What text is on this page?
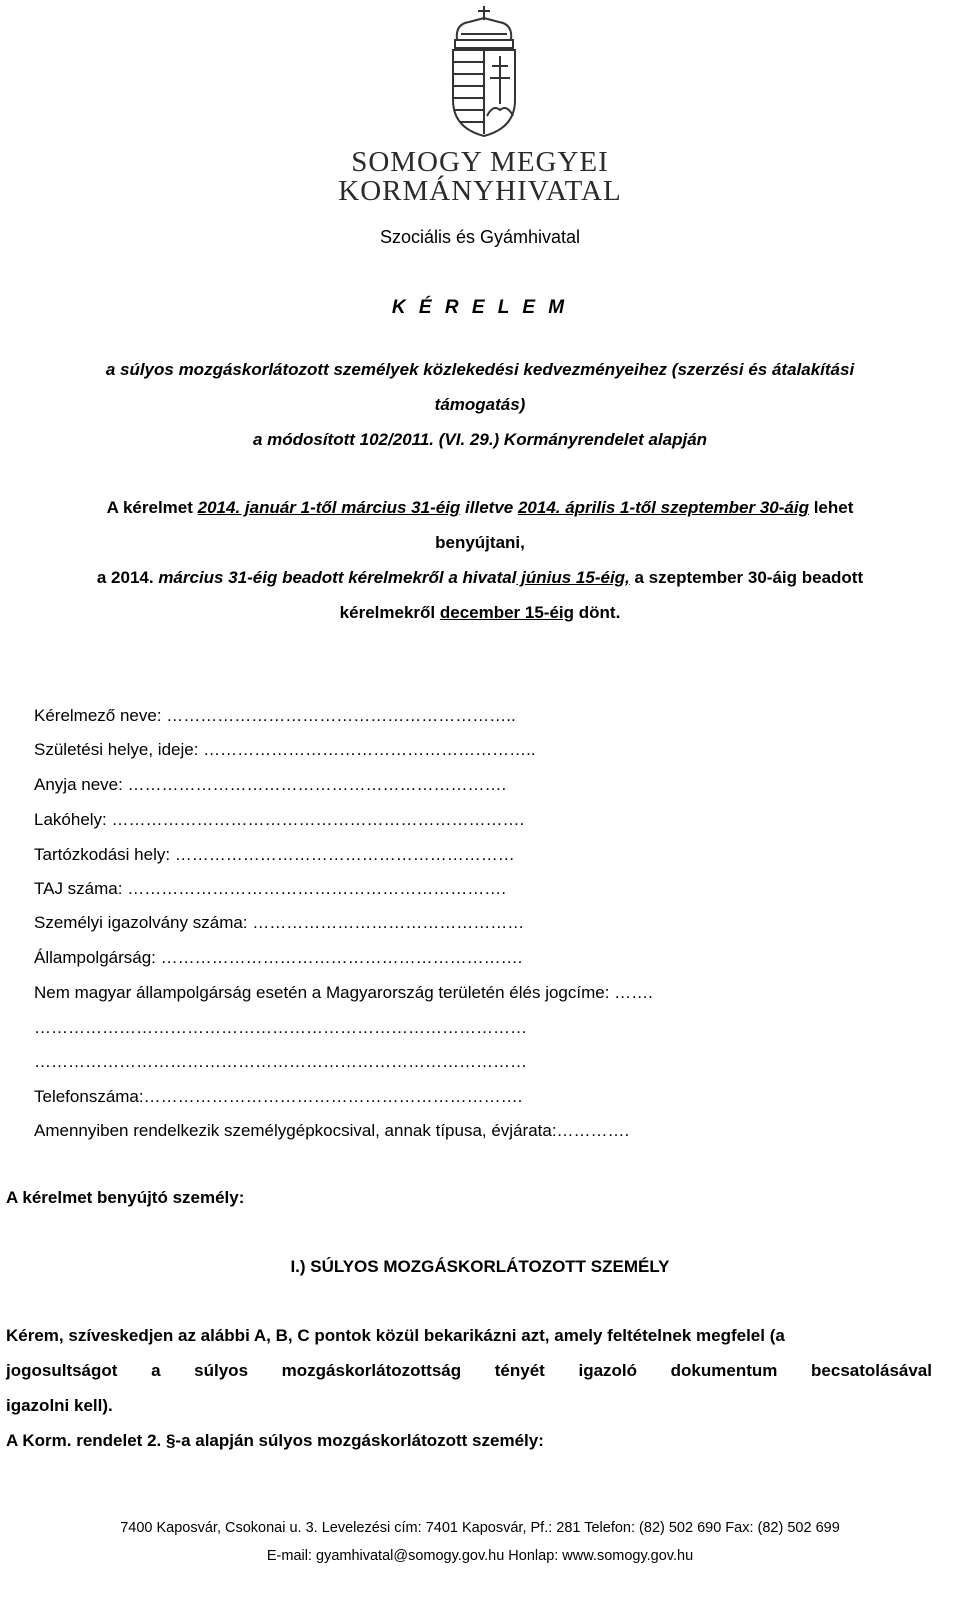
SOMOGY MEGYEI
KORMÁNYHIVATAL
Szociális és Gyámhivatal
K É R E L E M
a súlyos mozgáskorlátozott személyek közlekedési kedvezményeihez (szerzési és átalakítási
támogatás)
a módosított 102/2011. (VI. 29.) Kormányrendelet alapján
A kérelmet 2014. január 1-től március 31-éig illetve 2014. április 1-től szeptember 30-áig lehet
benyújtani,
a 2014. március 31-éig beadott kérelmekről a hivatal június 15-éig, a szeptember 30-áig beadott
kérelmekről december 15-éig dönt.
Kérelmező neve: ……………………………………………………..
Születési helye, ideje: …………………………………………………..
Anyja neve: ………………………………………………………….
Lakóhely: ……………………………………………………………….
Tartózkodási hely: ……………………………………………………
TAJ száma: ………………………………………………………….
Személyi igazolvány száma: …………………………………………
Állampolgárság: ……………………………………………………….
Nem magyar állampolgárság esetén a Magyarország területén élés jogcíme: …….
……………………………………………………………………………
……………………………………………………………………………
Telefonszáma:………………………………………………………….
Amennyiben rendelkezik személygépkocsival, annak típusa, évjárata:………….
A kérelmet benyújtó személy:
I.) SÚLYOS MOZGÁSKORLÁTOZOTT SZEMÉLY
Kérem, szíveskedjen az alábbi A, B, C pontok közül bekarikázni azt, amely feltételnek megfelel (a
jogosultságot a súlyos mozgáskorlátozottság tényét igazoló dokumentum becsatolásával
igazolni kell).
A Korm. rendelet 2. §-a alapján súlyos mozgáskorlátozott személy:
7400 Kaposvár, Csokonai u. 3. Levelezési cím: 7401 Kaposvár, Pf.: 281 Telefon: (82) 502 690 Fax: (82) 502 699
E-mail: gyamhivatal@somogy.gov.hu Honlap: www.somogy.gov.hu
